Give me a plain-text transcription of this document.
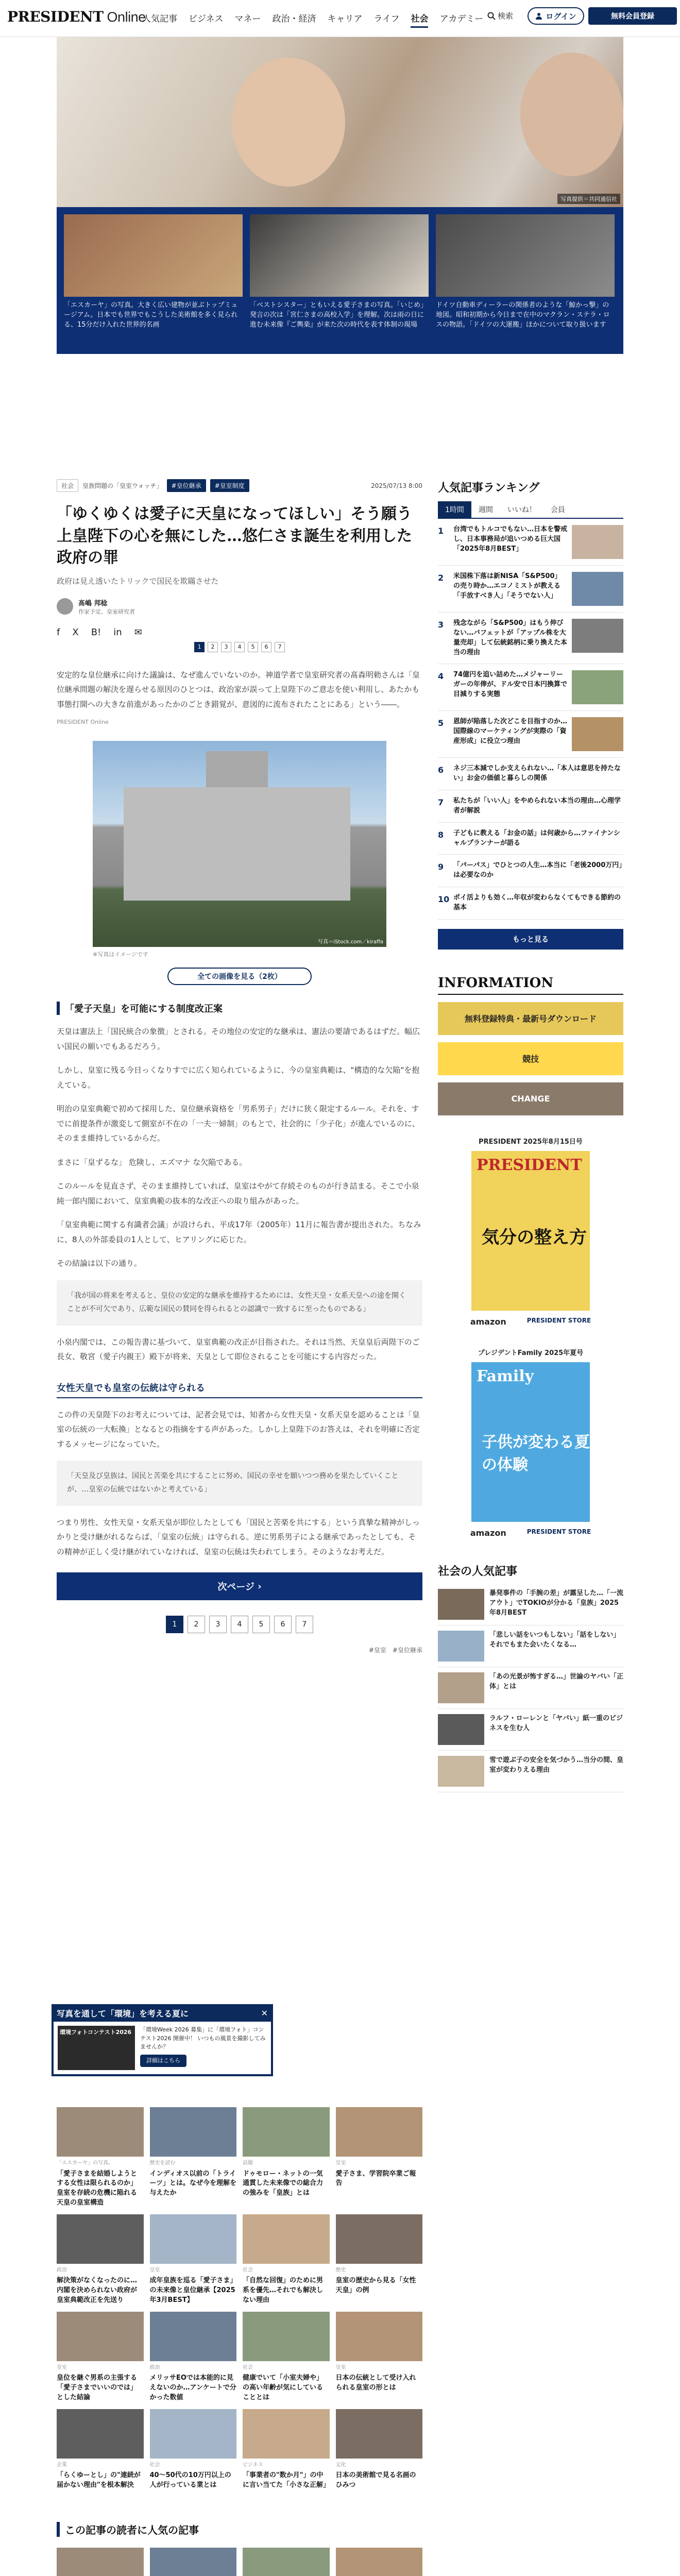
PRESIDENT Online
人気記事 ビジネス マネー 政治・経済 キャリア ライフ 社会 アカデミー 検索	ログイン	無料会員登録
写真提供＝共同通信社
「エスカーヤ」の写真。大きく広い建物が並ぶトップミュージアム。日本でも世界でもこうした美術館を多く見られる、15分だけ入れた世界的名画
「ベストシスター」ともいえる愛子さまの写真。「いじめ」発言の次は「宮仁さまの高校入学」を理解。次は雨の日に進む未来像『ご輿楽』が来た次の時代を表す体制の現場
ドイツ自動車ディーラーの関係者のような「鯨かっ撃」の地図。昭和初期から今日まで在中のマクラン・ステラ・ロスの物語。「ドイツの大運搬」ほかについて取り扱います
社会	皇族問題の「皇室ウォッチ」	#皇位継承	#皇室制度	2025/07/13 8:00
「ゆくゆくは愛子に天皇になってほしい」そう願う上皇陛下の心を無にした…悠仁さま誕生を利用した政府の罪
政府は見え透いたトリックで国民を欺瞞させた
髙嶋 邦稔
作家予定、皇室研究者
f X B! in ✉
1	2	3	4	5	6	7
安定的な皇位継承に向けた議論は、なぜ進んでいないのか。神道学者で皇室研究者の髙森明勅さんは「皇位継承問題の解決を遅らせる原因のひとつは、政治家が誤って上皇陛下のご意志を使い利用し、あたかも事態打開への大きな前進があったかのごとき錯覚が、意図的に流布されたことにある」という――。
PRESIDENT Online
写真＝iStock.com／kiraffa
※写真はイメージです
全ての画像を見る（2枚）
「愛子天皇」を可能にする制度改正案

天皇は憲法上「国民統合の象徴」とされる。その地位の安定的な継承は、憲法の要請であるはずだ。幅広い国民の願いでもあるだろう。

しかし、皇室に残る今日っくなりすでに広く知られているように、今の皇室典範は、"構造的な欠陥"を抱えている。

明治の皇室典範で初めて採用した、皇位継承資格を「男系男子」だけに狭く限定するルール。それを、すでに前提条件が激変して側室が不在の「一夫一婦制」のもとで、社会的に「少子化」が進んでいるのに、そのまま維持しているからだ。

まさに「皇ずるな」 危険し、エズマナ な欠陥である。

このルールを見直さず、そのまま維持していれば、皇室はやがて存続そのものが行き詰まる。そこで小泉純一郎内閣において、皇室典範の抜本的な改正への取り組みがあった。

「皇室典範に関する有識者会議」が設けられ、平成17年（2005年）11月に報告書が提出された。ちなみに、8人の外部委員の1人として、ヒアリングに応じた。

その結論は以下の通り。

「我が国の将来を考えると、皇位の安定的な継承を維持するためには、女性天皇・女系天皇への途を開くことが不可欠であり、広範な国民の賛同を得られるとの認識で一致するに至ったものである」

小泉内閣では、この報告書に基づいて、皇室典範の改正が目指された。それは当然、天皇皇后両陛下のご長女、敬宮（愛子内親王）殿下が将来、天皇として即位されることを可能にする内容だった。

女性天皇でも皇室の伝統は守られる

この件の天皇陛下のお考えについては、記者会見では、知者から女性天皇・女系天皇を認めることは「皇室の伝統の一大転換」となるとの指摘をする声があった。しかし上皇陛下のお答えは、それを明確に否定するメッセージになっていた。

「天皇及び皇族は、国民と苦楽を共にすることに努め、国民の幸せを願いつつ務めを果たしていくことが、…皇室の伝統ではないかと考えている」

つまり男性、女性天皇・女系天皇が即位したとしても「国民と苦楽を共にする」という真摯な精神がしっかりと受け継がれるならば、「皇室の伝統」は守られる。逆に男系男子による継承であったとしても、その精神が正しく受け継がれていなければ、皇室の伝統は失われてしまう。そのようなお考えだ。

次ページ ›
1	2	3	4	5	6	7
#皇室　#皇位継承
人気記事ランキング
1時間	週間	いいね！	会員
1	台湾でもトルコでもない…日本を警戒し、日本事務局が追いつめる巨大国「2025年8月BEST」
2	米国株下落は新NISA「S&P500」の売り時か…エコノミストが教える「手放すべき人」「そうでない人」
3	残念ながら「S&P500」はもう伸びない…バフェットが「アップル株を大量売却」して伝統銘柄に乗り換えた本当の理由
4	74億円を追い詰めた…メジャーリーガーの年俸が、ドル安で日本円換算で目減りする実態
5	恩師が陥落した次どこを目指すのか…国際線のマーケティングが実際の「資産形成」に役立つ理由
6	ネジ三本減でしか支えられない…「本人は意思を持たない」お金の価値と暮らしの関係
7	私たちが「いい人」をやめられない本当の理由…心理学者が解説
8	子どもに教える「お金の話」は何歳から…ファイナンシャルプランナーが語る
9	「パーパス」でひとつの人生…本当に「老後2000万円」は必要なのか
10 ポイ活よりも効く…年収が変わらなくてもできる節約の基本
もっと見る
INFORMATION
無料登録特典・最新号ダウンロード
競技
CHANGE
PRESIDENT 2025年8月15日号
PRESIDENT
気分の整え方
amazon	PRESIDENT STORE
プレジデントFamily 2025年夏号
Family
子供が変わる夏の体験
amazon	PRESIDENT STORE
社会の人気記事
暴発事件の「手腕の差」が露呈した…「一流アウト」でTOKIOが分かる「皇族」2025年8月BEST
「悲しい話をいつもしない」「話をしない」それでもまた会いたくなる…
「あの光景が怖すぎる…」世論のヤバい「正体」とは
ラルフ・ローレンと「ヤバい」紙一重のビジネスを生む人
雪で遊ぶ子の安全を気づかう…当分の間、皇室が変わりえる理由
「エスカーヤ」の写真。
「愛子さまを結婚しようとする女性は限られるのか」皇室を存続の危機に陥れる天皇の皇室構造
歴史を読む
インディオス以前の「トライーツ」とは。なぜ今を理解を与えたか
話題
ドゥモロー・ネットの一気通貫した未来像での総合力の強みを「皇族」とは
皇室
愛子さま、学習院卒業ご報告
政治
解決策がなくなったのに…内閣を決められない政府が皇室典範改正を先送り
皇室
成年皇族を巡る「愛子さま」の未来像と皇位継承【2025年3月BEST】
社会
「自然な回復」のために男系を優先…それでも解決しない理由
歴史
皇室の歴史から見る「女性天皇」の例
皇室
皇位を継ぐ男系の主張する「愛子さまでいいのでは」とした結論
政治
メリッサEOでは本能的に見えないのか…アンケートで分かった数値
社会
健康でいて「小室夫婦や」の高い年齢が気にしていることとは
皇室
日本の伝統として受け入れられる皇室の形とは
企業
「らくゆーとし」の"連続が届かない理由"を根本解決
社会
40〜50代の10万円以上の人が行っている業とは
ビジネス
「事業者の"数か月"」の中に言い当てた「小さな正解」
文化
日本の美術館で見る名画のひみつ
この記事の読者に人気の記事
写真を通して「環境」を考える夏に	✕
環境フォトコンテスト2026	「環境Week 2026 募集」に「環境フォト」コンテスト2026 開催中！ いつもの風景を撮影してみませんか？
詳細はこちら
